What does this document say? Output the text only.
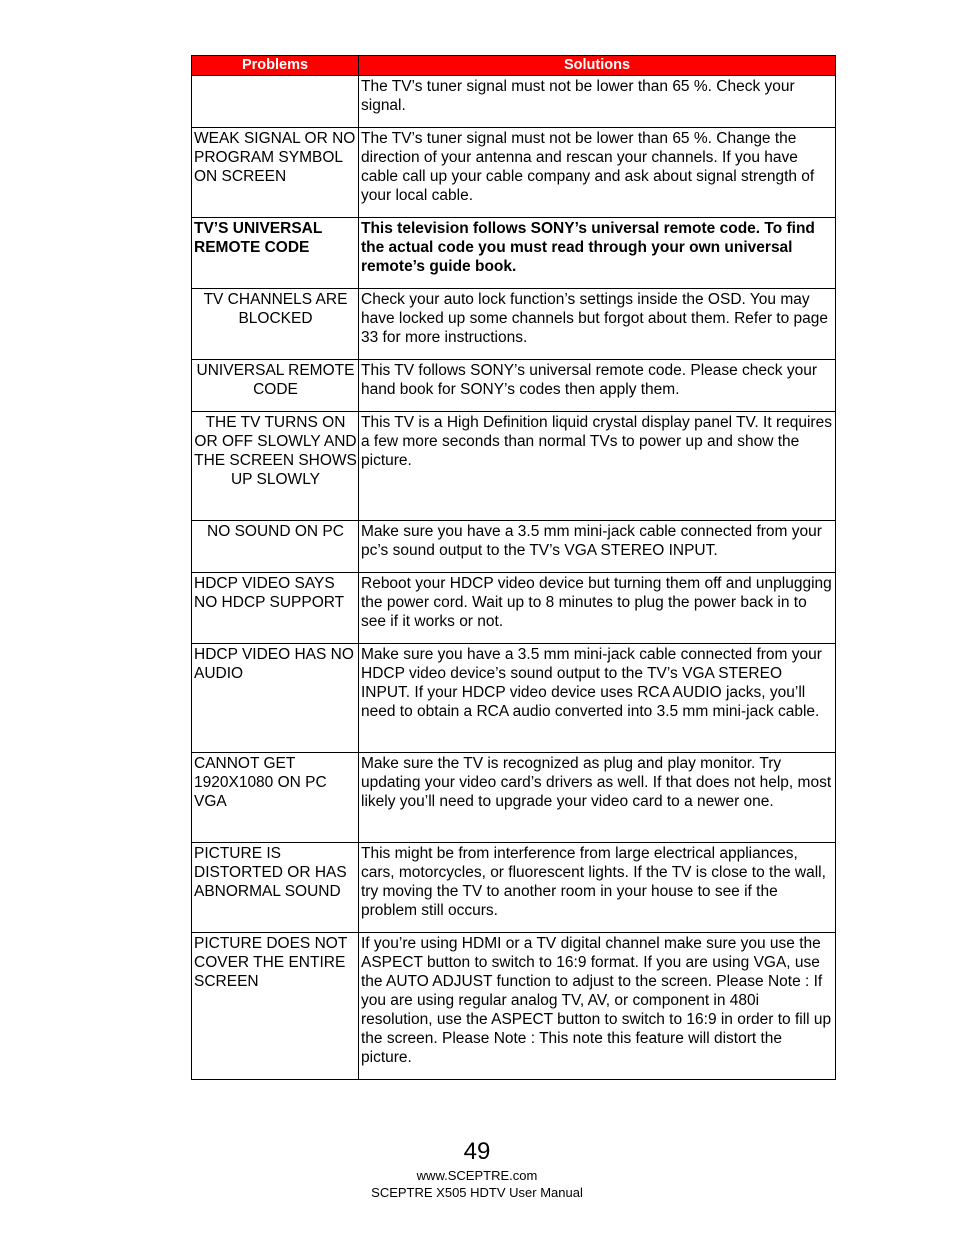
Problems	Solutions
	The TV’s tuner signal must not be lower than 65 %. Check your signal.
WEAK SIGNAL OR NO PROGRAM SYMBOL ON SCREEN	The TV’s tuner signal must not be lower than 65 %. Change the direction of your antenna and rescan your channels. If you have cable call up your cable company and ask about signal strength of your local cable.
TV’S UNIVERSAL REMOTE CODE	This television follows SONY’s universal remote code. To find the actual code you must read through your own universal remote’s guide book.
TV CHANNELS ARE BLOCKED	Check your auto lock function’s settings inside the OSD. You may have locked up some channels but forgot about them. Refer to page 33 for more instructions.
UNIVERSAL REMOTE CODE	This TV follows SONY’s universal remote code. Please check your hand book for SONY’s codes then apply them.
THE TV TURNS ON OR OFF SLOWLY AND THE SCREEN SHOWS UP SLOWLY	This TV is a High Definition liquid crystal display panel TV. It requires a few more seconds than normal TVs to power up and show the picture.
NO SOUND ON PC	Make sure you have a 3.5 mm mini-jack cable connected from your pc’s sound output to the TV’s VGA STEREO INPUT.
HDCP VIDEO SAYS NO HDCP SUPPORT	Reboot your HDCP video device but turning them off and unplugging the power cord. Wait up to 8 minutes to plug the power back in to see if it works or not.
HDCP VIDEO HAS NO AUDIO	Make sure you have a 3.5 mm mini-jack cable connected from your HDCP video device’s sound output to the TV’s VGA STEREO INPUT. If your HDCP video device uses RCA AUDIO jacks, you’ll need to obtain a RCA audio converted into 3.5 mm mini-jack cable.
CANNOT GET 1920X1080 ON PC VGA	Make sure the TV is recognized as plug and play monitor. Try updating your video card’s drivers as well. If that does not help, most likely you’ll need to upgrade your video card to a newer one.
PICTURE IS DISTORTED OR HAS ABNORMAL SOUND	This might be from interference from large electrical appliances, cars, motorcycles, or fluorescent lights. If the TV is close to the wall, try moving the TV to another room in your house to see if the problem still occurs.
PICTURE DOES NOT COVER THE ENTIRE SCREEN	If you’re using HDMI or a TV digital channel make sure you use the ASPECT button to switch to 16:9 format. If you are using VGA, use the AUTO ADJUST function to adjust to the screen. Please Note : If you are using regular analog TV, AV, or component in 480i resolution, use the ASPECT button to switch to 16:9 in order to fill up the screen. Please Note : This note this feature will distort the picture.
49
www.SCEPTRE.com
SCEPTRE X505 HDTV User Manual
